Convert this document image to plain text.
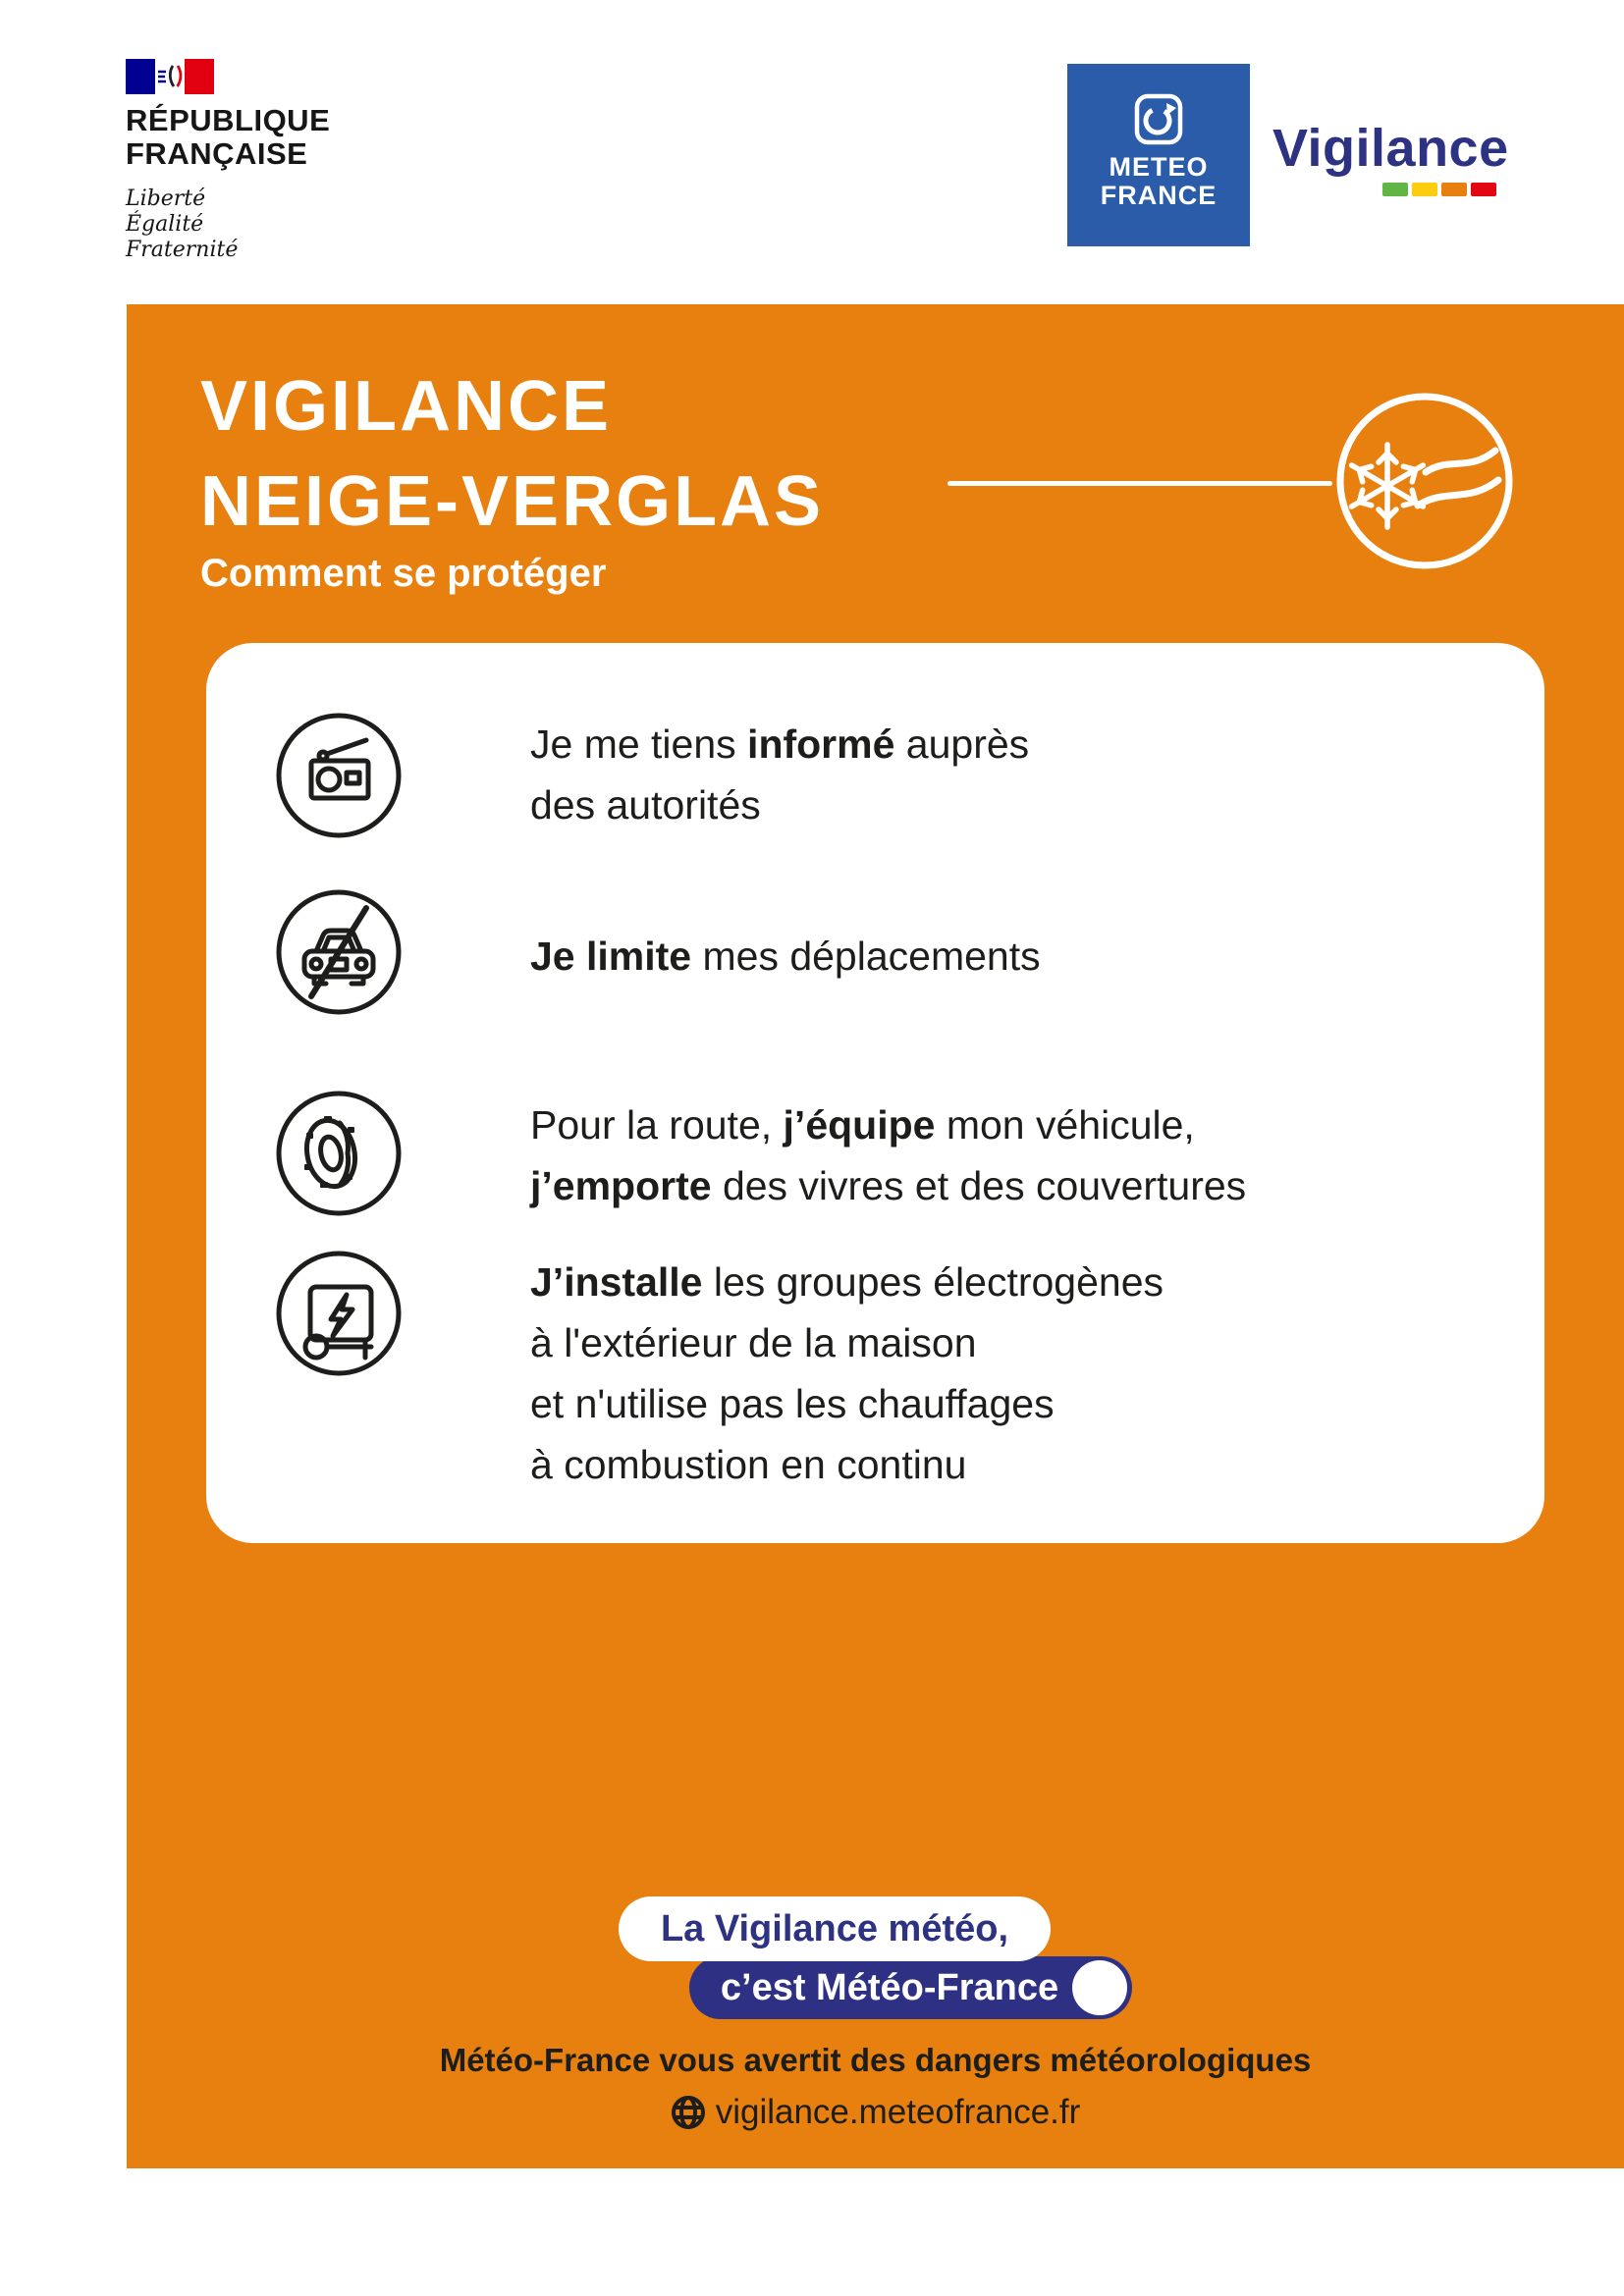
RÉPUBLIQUE
FRANÇAISE
Liberté
Égalité
Fraternité
METEO
FRANCE
Vigilance
VIGILANCE
NEIGE-VERGLAS
Comment se protéger

Je me tiens informé auprès

des autorités

Je limite mes déplacements

Pour la route, j’équipe mon véhicule,

j’emporte des vivres et des couvertures

J’installe les groupes électrogènes

à l'extérieur de la maison

et n'utilise pas les chauffages

à combustion en continu

La Vigilance météo,
c’est Météo-France
Météo-France vous avertit des dangers météorologiques
vigilance.meteofrance.fr
